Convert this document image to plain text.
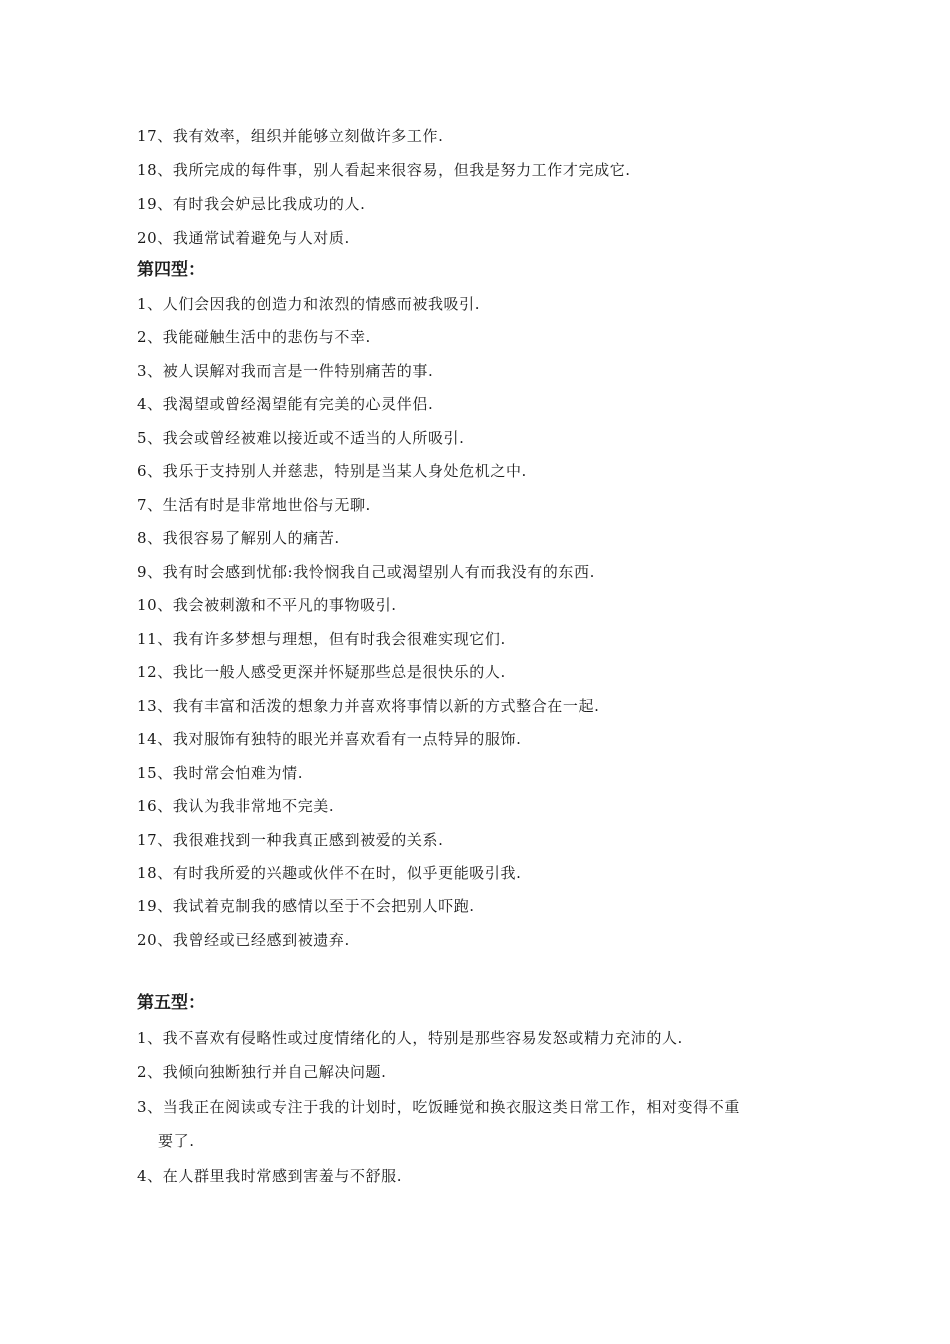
17、我有效率，组织并能够立刻做许多工作.
18、我所完成的每件事，别人看起来很容易，但我是努力工作才完成它.
19、有时我会妒忌比我成功的人.
20、我通常试着避免与人对质.
第四型：
1、人们会因我的创造力和浓烈的情感而被我吸引.
2、我能碰触生活中的悲伤与不幸.
3、被人误解对我而言是一件特别痛苦的事.
4、我渴望或曾经渴望能有完美的心灵伴侣.
5、我会或曾经被难以接近或不适当的人所吸引.
6、我乐于支持别人并慈悲，特别是当某人身处危机之中.
7、生活有时是非常地世俗与无聊.
8、我很容易了解别人的痛苦.
9、我有时会感到忧郁:我怜悯我自己或渴望别人有而我没有的东西.
10、我会被刺激和不平凡的事物吸引.
11、我有许多梦想与理想，但有时我会很难实现它们.
12、我比一般人感受更深并怀疑那些总是很快乐的人.
13、我有丰富和活泼的想象力并喜欢将事情以新的方式整合在一起.
14、我对服饰有独特的眼光并喜欢看有一点特异的服饰.
15、我时常会怕难为情.
16、我认为我非常地不完美.
17、我很难找到一种我真正感到被爱的关系.
18、有时我所爱的兴趣或伙伴不在时，似乎更能吸引我.
19、我试着克制我的感情以至于不会把别人吓跑.
20、我曾经或已经感到被遗弃.
第五型：
1、我不喜欢有侵略性或过度情绪化的人，特别是那些容易发怒或精力充沛的人.
2、我倾向独断独行并自己解决问题.
3、当我正在阅读或专注于我的计划时，吃饭睡觉和换衣服这类日常工作，相对变得不重
要了.
4、在人群里我时常感到害羞与不舒服.
